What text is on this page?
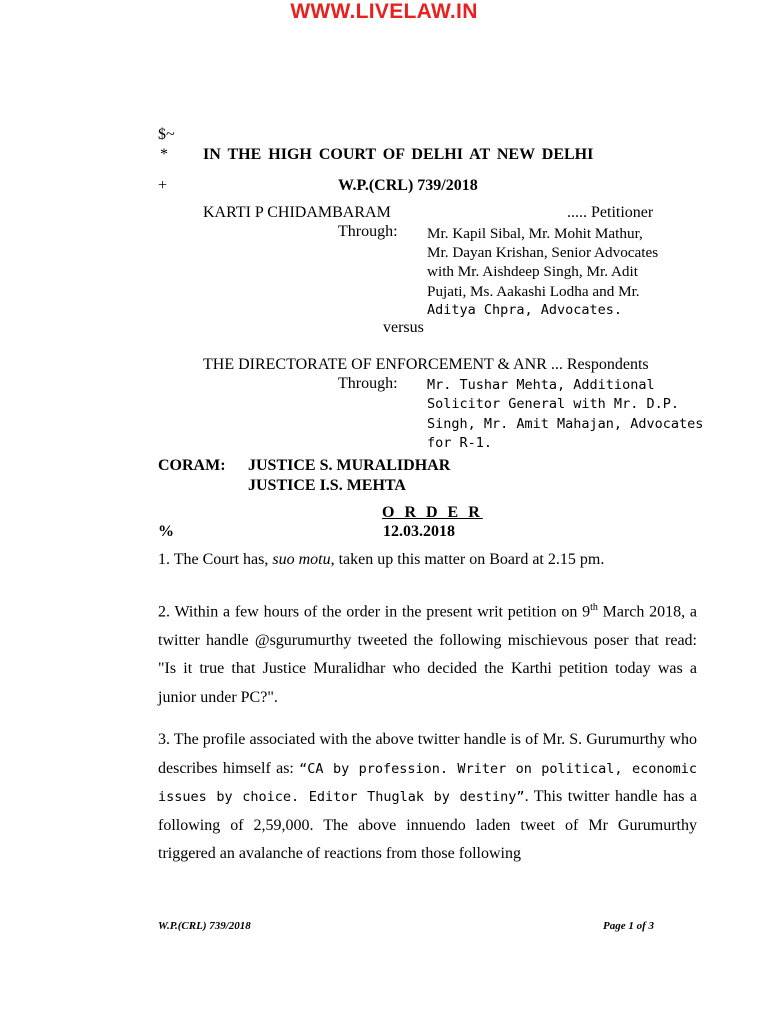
WWW.LIVELAW.IN
$~
* IN THE HIGH COURT OF DELHI AT NEW DELHI
+	W.P.(CRL) 739/2018
KARTI P CHIDAMBARAM	..... Petitioner
Through: Mr. Kapil Sibal, Mr. Mohit Mathur,
Mr. Dayan Krishan, Senior Advocates
with Mr. Aishdeep Singh, Mr. Adit
Pujati, Ms. Aakashi Lodha and Mr.
Aditya Chpra, Advocates.
versus
THE DIRECTORATE OF ENFORCEMENT & ANR ... Respondents
Through: Mr. Tushar Mehta, Additional
Solicitor General with Mr. D.P.
Singh, Mr. Amit Mahajan, Advocates
for R-1.
CORAM: JUSTICE S. MURALIDHAR
JUSTICE I.S. MEHTA
O R D E R
%	12.03.2018
1. The Court has, suo motu, taken up this matter on Board at 2.15 pm.
2. Within a few hours of the order in the present writ petition on 9th March 2018, a twitter handle @sgurumurthy tweeted the following mischievous poser that read: "Is it true that Justice Muralidhar who decided the Karthi petition today was a junior under PC?".
3. The profile associated with the above twitter handle is of Mr. S. Gurumurthy who describes himself as: “CA by profession. Writer on political, economic issues by choice. Editor Thuglak by destiny”. This twitter handle has a following of 2,59,000. The above innuendo laden tweet of Mr Gurumurthy triggered an avalanche of reactions from those following
W.P.(CRL) 739/2018	Page 1 of 3
